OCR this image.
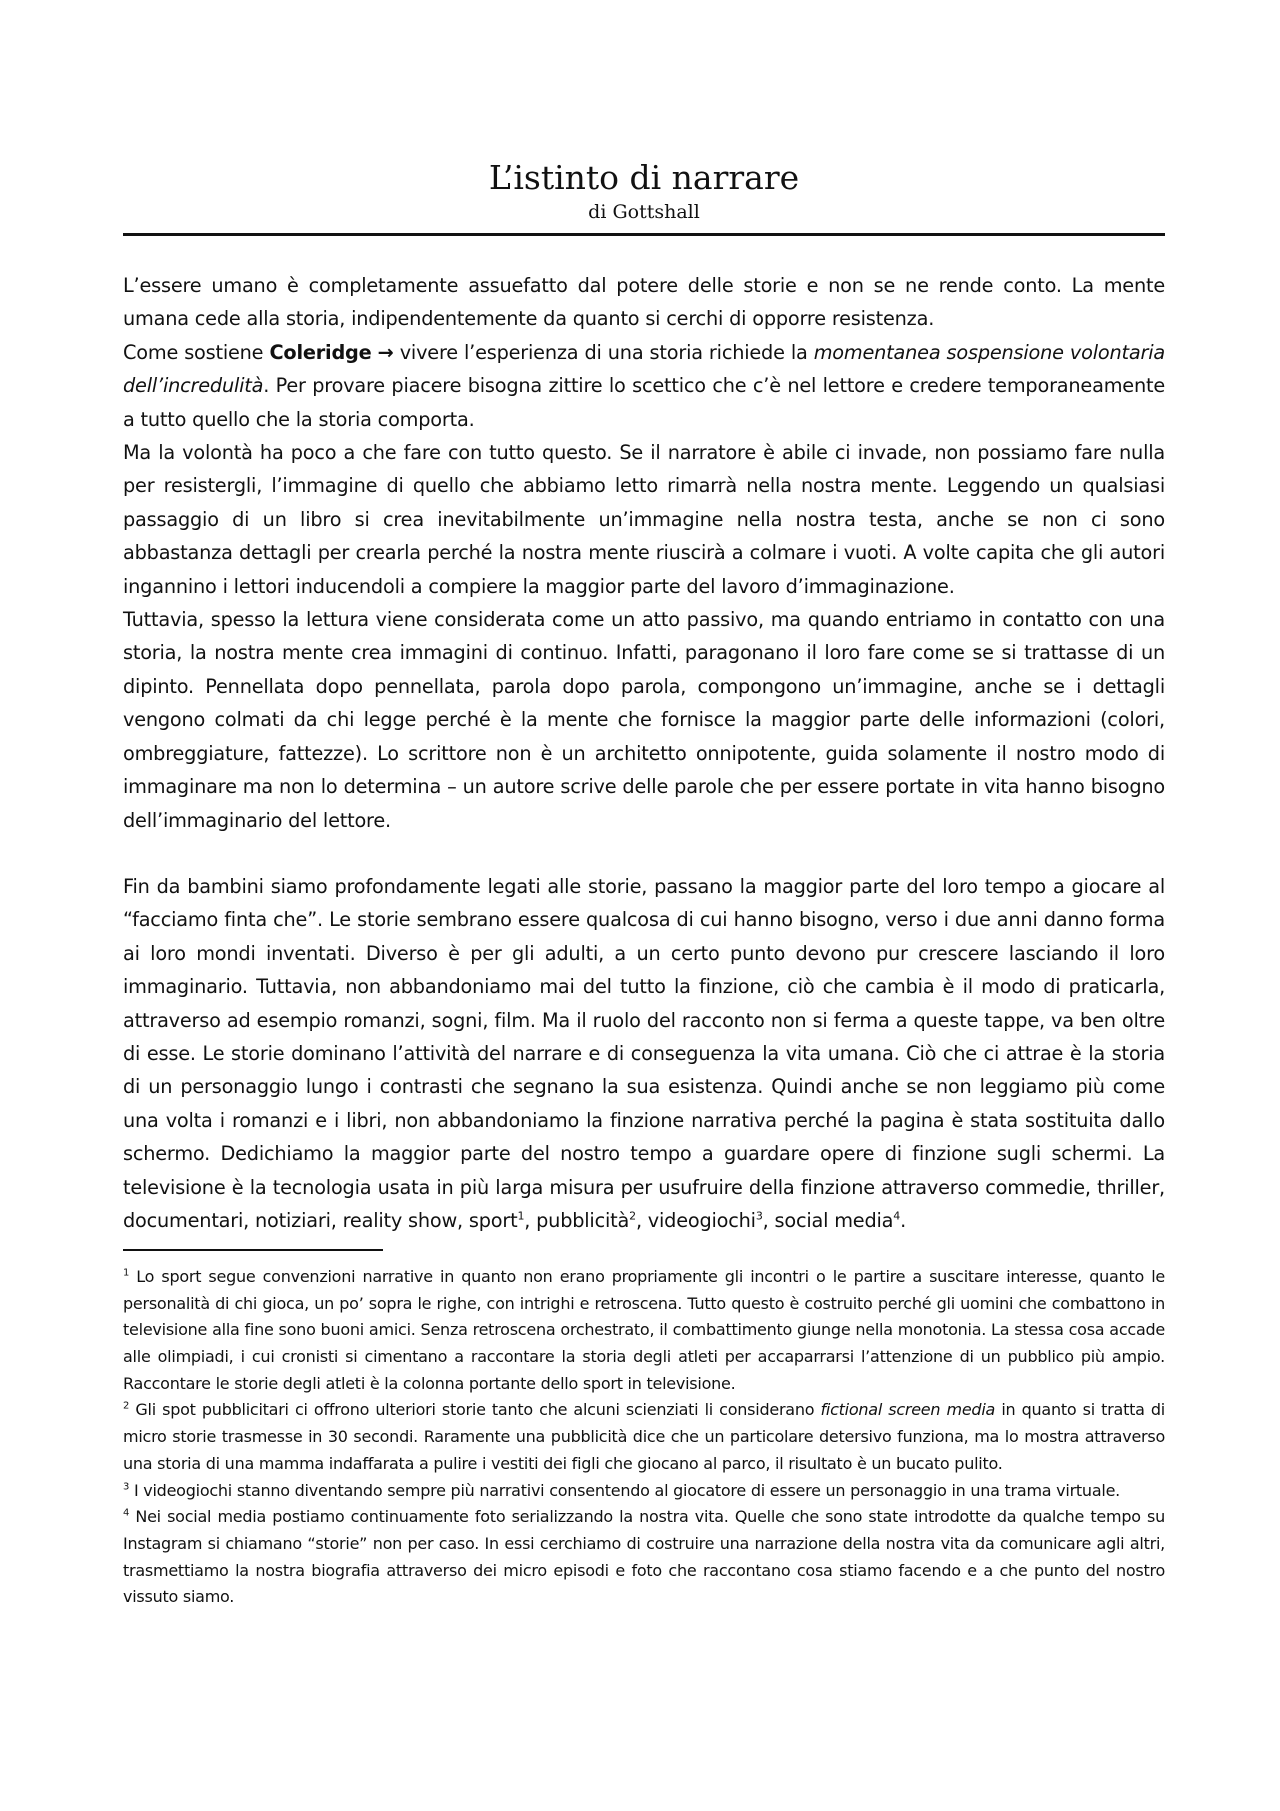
L’istinto di narrare
di Gottshall

L’essere umano è completamente assuefatto dal potere delle storie e non se ne rende conto. La mente umana cede alla storia, indipendentemente da quanto si cerchi di opporre resistenza.

Come sostiene Coleridge → vivere l’esperienza di una storia richiede la momentanea sospensione volontaria dell’incredulità. Per provare piacere bisogna zittire lo scettico che c’è nel lettore e credere temporaneamente a tutto quello che la storia comporta.

Ma la volontà ha poco a che fare con tutto questo. Se il narratore è abile ci invade, non possiamo fare nulla per resistergli, l’immagine di quello che abbiamo letto rimarrà nella nostra mente. Leggendo un qualsiasi passaggio di un libro si crea inevitabilmente un’immagine nella nostra testa, anche se non ci sono abbastanza dettagli per crearla perché la nostra mente riuscirà a colmare i vuoti. A volte capita che gli autori ingannino i lettori inducendoli a compiere la maggior parte del lavoro d’immaginazione.

Tuttavia, spesso la lettura viene considerata come un atto passivo, ma quando entriamo in contatto con una storia, la nostra mente crea immagini di continuo. Infatti, paragonano il loro fare come se si trattasse di un dipinto. Pennellata dopo pennellata, parola dopo parola, compongono un’immagine, anche se i dettagli vengono colmati da chi legge perché è la mente che fornisce la maggior parte delle informazioni (colori, ombreggiature, fattezze). Lo scrittore non è un architetto onnipotente, guida solamente il nostro modo di immaginare ma non lo determina – un autore scrive delle parole che per essere portate in vita hanno bisogno dell’immaginario del lettore.

Fin da bambini siamo profondamente legati alle storie, passano la maggior parte del loro tempo a giocare al “facciamo finta che”. Le storie sembrano essere qualcosa di cui hanno bisogno, verso i due anni danno forma ai loro mondi inventati. Diverso è per gli adulti, a un certo punto devono pur crescere lasciando il loro immaginario. Tuttavia, non abbandoniamo mai del tutto la finzione, ciò che cambia è il modo di praticarla, attraverso ad esempio romanzi, sogni, film. Ma il ruolo del racconto non si ferma a queste tappe, va ben oltre di esse. Le storie dominano l’attività del narrare e di conseguenza la vita umana. Ciò che ci attrae è la storia di un personaggio lungo i contrasti che segnano la sua esistenza. Quindi anche se non leggiamo più come una volta i romanzi e i libri, non abbandoniamo la finzione narrativa perché la pagina è stata sostituita dallo schermo. Dedichiamo la maggior parte del nostro tempo a guardare opere di finzione sugli schermi. La televisione è la tecnologia usata in più larga misura per usufruire della finzione attraverso commedie, thriller, documentari, notiziari, reality show, sport$^1$, pubblicità$^2$, videogiochi$^3$, social media$^4$.

$^1$ Lo sport segue convenzioni narrative in quanto non erano propriamente gli incontri o le partire a suscitare interesse, quanto le personalità di chi gioca, un po’ sopra le righe, con intrighi e retroscena. Tutto questo è costruito perché gli uomini che combattono in televisione alla fine sono buoni amici. Senza retroscena orchestrato, il combattimento giunge nella monotonia. La stessa cosa accade alle olimpiadi, i cui cronisti si cimentano a raccontare la storia degli atleti per accaparrarsi l’attenzione di un pubblico più ampio. Raccontare le storie degli atleti è la colonna portante dello sport in televisione.

$^2$ Gli spot pubblicitari ci offrono ulteriori storie tanto che alcuni scienziati li considerano fictional screen media in quanto si tratta di micro storie trasmesse in 30 secondi. Raramente una pubblicità dice che un particolare detersivo funziona, ma lo mostra attraverso una storia di una mamma indaffarata a pulire i vestiti dei figli che giocano al parco, il risultato è un bucato pulito.

$^3$ I videogiochi stanno diventando sempre più narrativi consentendo al giocatore di essere un personaggio in una trama virtuale.

$^4$ Nei social media postiamo continuamente foto serializzando la nostra vita. Quelle che sono state introdotte da qualche tempo su Instagram si chiamano “storie” non per caso. In essi cerchiamo di costruire una narrazione della nostra vita da comunicare agli altri, trasmettiamo la nostra biografia attraverso dei micro episodi e foto che raccontano cosa stiamo facendo e a che punto del nostro vissuto siamo.
